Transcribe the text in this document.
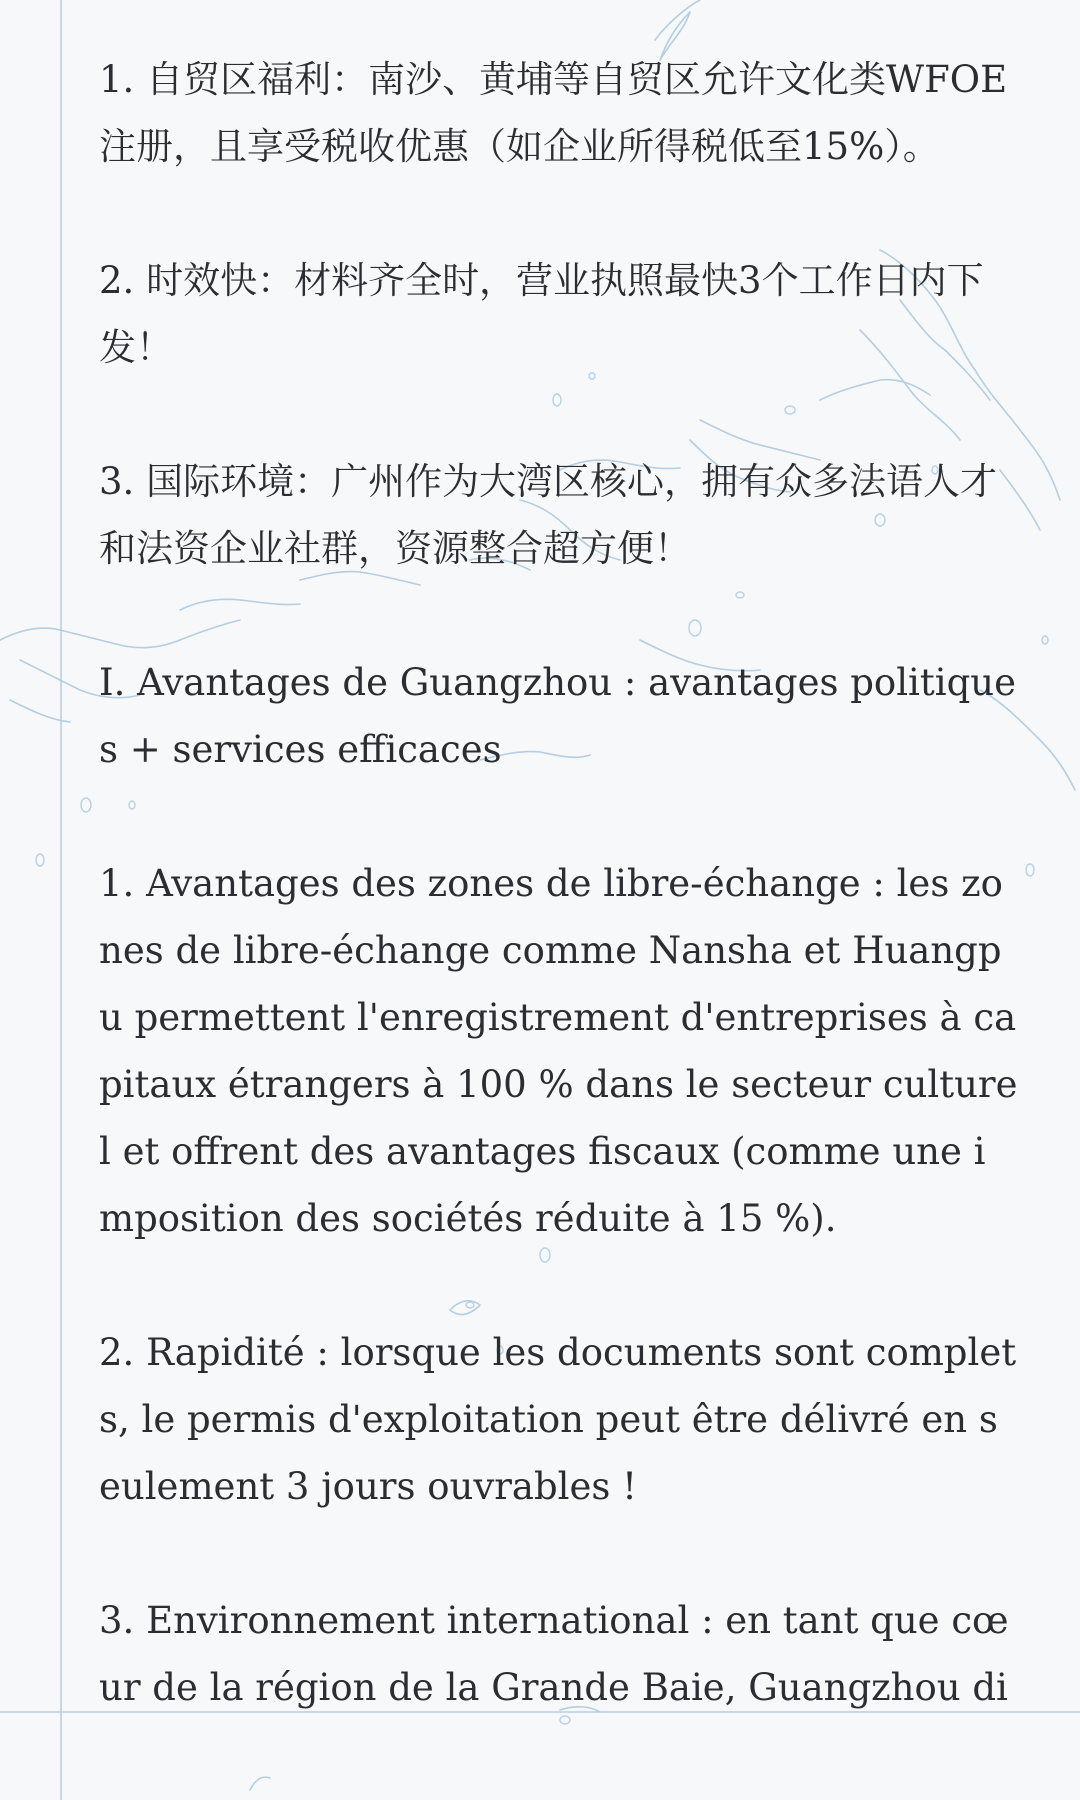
1. 自贸区福利：南沙、黄埔等自贸区允许文化类WFOE注册，且享受税收优惠（如企业所得税低至15%）。

2. 时效快：材料齐全时，营业执照最快3个工作日内下发！

3. 国际环境：广州作为大湾区核心，拥有众多法语人才和法资企业社群，资源整合超方便！

I. Avantages de Guangzhou : avantages politiques + services efficaces

1. Avantages des zones de libre-échange : les zones de libre-échange comme Nansha et Huangpu permettent l'enregistrement d'entreprises à capitaux étrangers à 100 % dans le secteur culturel et offrent des avantages fiscaux (comme une imposition des sociétés réduite à 15 %).

2. Rapidité : lorsque les documents sont complets, le permis d'exploitation peut être délivré en seulement 3 jours ouvrables !

3. Environnement international : en tant que cœur de la région de la Grande Baie, Guangzhou di
